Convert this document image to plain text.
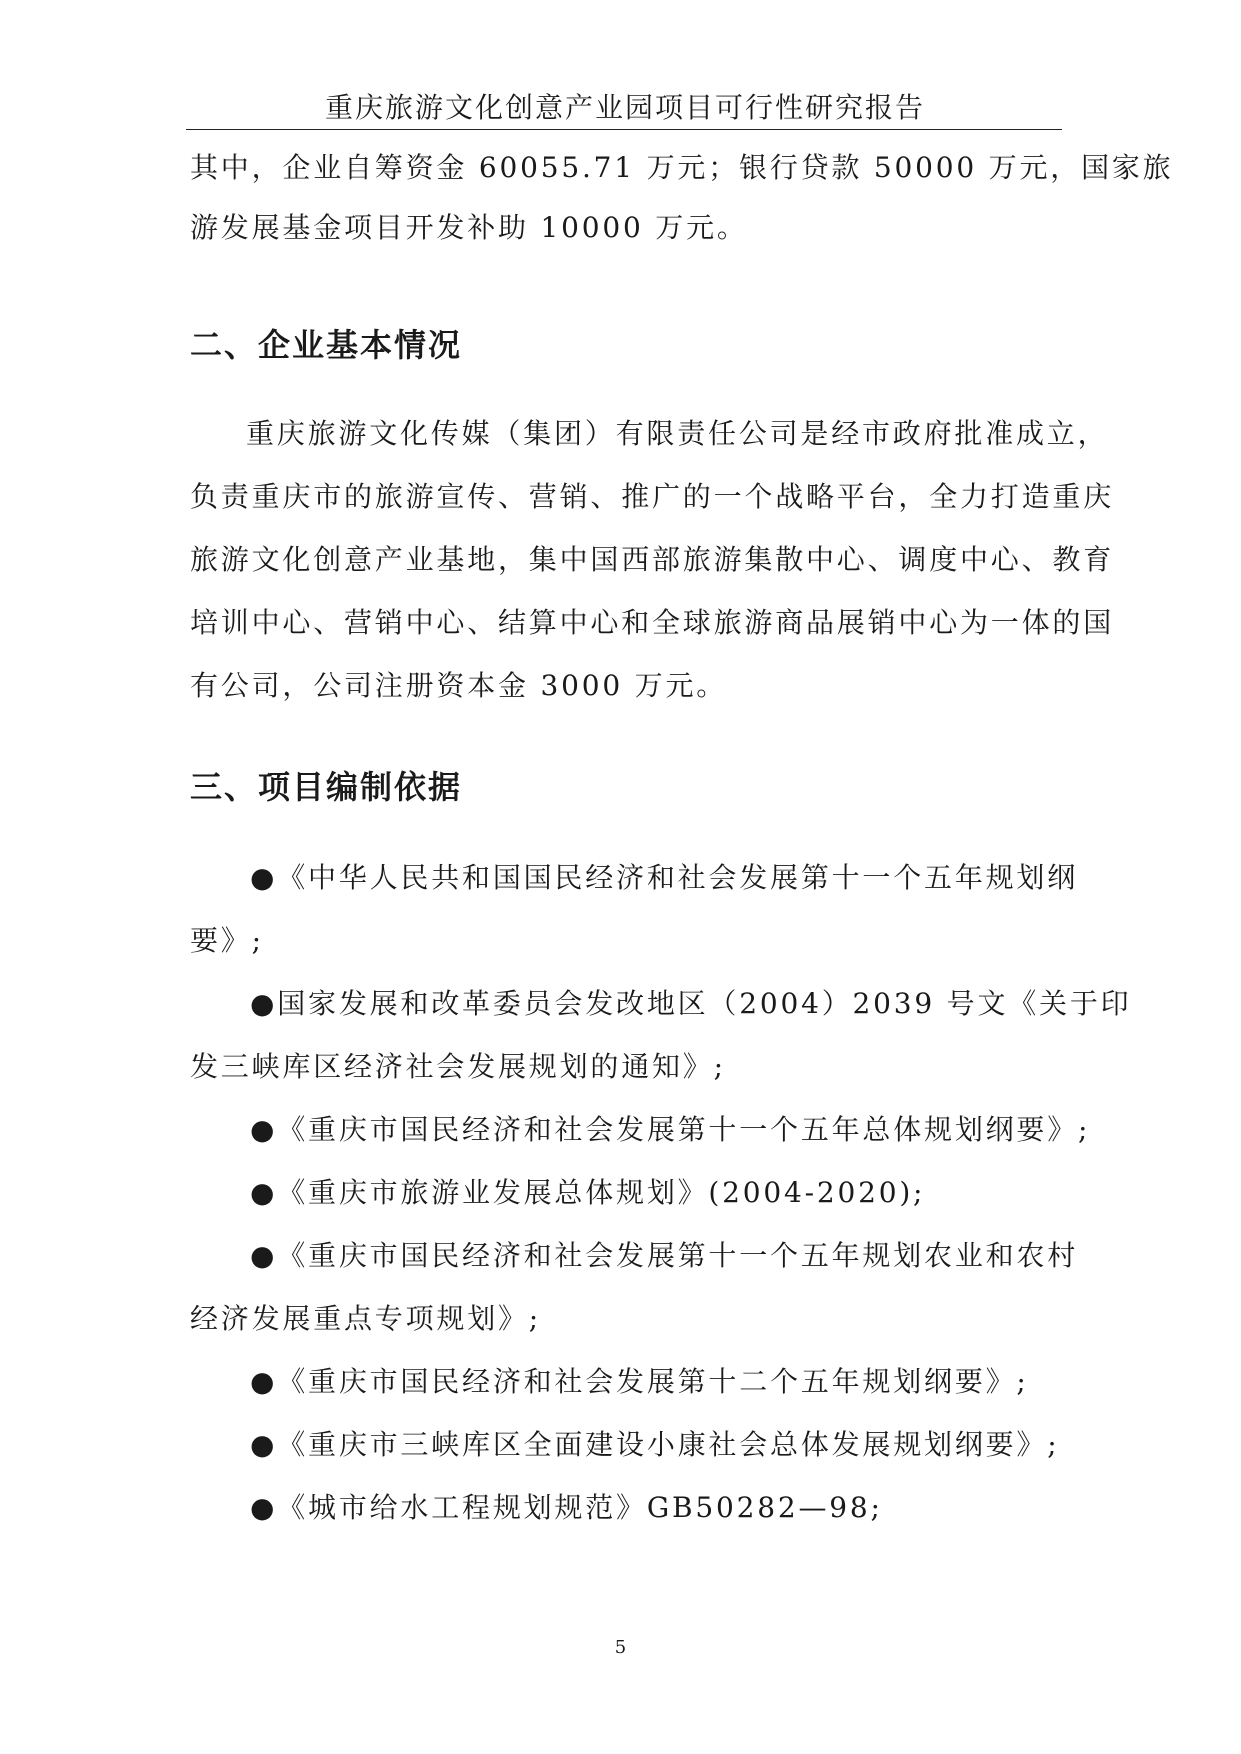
重庆旅游文化创意产业园项目可行性研究报告
其中，企业自筹资金 60055.71 万元；银行贷款 50000 万元，国家旅
游发展基金项目开发补助 10000 万元。
二、企业基本情况
重庆旅游文化传媒（集团）有限责任公司是经市政府批准成立，
负责重庆市的旅游宣传、营销、推广的一个战略平台，全力打造重庆
旅游文化创意产业基地，集中国西部旅游集散中心、调度中心、教育
培训中心、营销中心、结算中心和全球旅游商品展销中心为一体的国
有公司，公司注册资本金 3000 万元。
三、项目编制依据
●《中华人民共和国国民经济和社会发展第十一个五年规划纲
要》;
●国家发展和改革委员会发改地区（2004）2039 号文《关于印
发三峡库区经济社会发展规划的通知》;
●《重庆市国民经济和社会发展第十一个五年总体规划纲要》;
●《重庆市旅游业发展总体规划》(2004-2020);
●《重庆市国民经济和社会发展第十一个五年规划农业和农村
经济发展重点专项规划》;
●《重庆市国民经济和社会发展第十二个五年规划纲要》;
●《重庆市三峡库区全面建设小康社会总体发展规划纲要》;
●《城市给水工程规划规范》GB50282—98;
5
